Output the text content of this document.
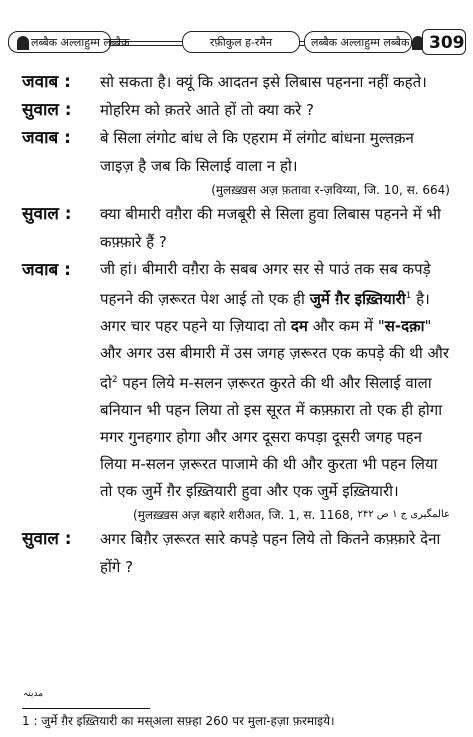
लब्बैक अल्लाहुम्म लब्बैक	रफ़ीकुल ह-रमैन	लब्बैक अल्लाहुम्म लब्बैक	309
जवाब :	सो सकता है। क्यूं कि आदतन इसे लिबास पहनना नहीं कहते।
सुवाल :	मोहरिम को क़तरे आते हों तो क्या करे ?
जवाब :	बे सिला लंगोट बांध ले कि एहराम में लंगोट बांधना मुल्तक़न जाइज़ है जब कि सिलाई वाला न हो।
(मुलख़्ख़स अज़ फ़तावा र-ज़विय्या, जि. 10, स. 664)
सुवाल :	क्या बीमारी वग़ैरा की मजबूरी से सिला हुवा लिबास पहनने में भी कफ़्फ़ारे हैं ?
जवाब :	जी हां। बीमारी वग़ैरा के सबब अगर सर से पाउं तक सब कपड़े पहनने की ज़रूरत पेश आई तो एक ही जुर्मे ग़ैर इख़्तियारी$^1$ है। अगर चार पहर पहने या ज़ियादा तो दम और कम में "स-दक़ा" और अगर उस बीमारी में उस जगह ज़रूरत एक कपड़े की थी और दो$^2$ पहन लिये म-सलन ज़रूरत कुरते की थी और सिलाई वाला बनियान भी पहन लिया तो इस सूरत में कफ़्फ़ारा तो एक ही होगा मगर गुनहगार होगा और अगर दूसरा कपड़ा दूसरी जगह पहन लिया म-सलन ज़रूरत पाजामे की थी और कुरता भी पहन लिया तो एक जुर्मे ग़ैर इख़्तियारी हुवा और एक जुर्मे इख़्तियारी।
(मुलख़्ख़स अज़ बहारे शरीअत, जि. 1, स. 1168, $^{عالمگیری ج ۱ ص ۲۴۲}$
सुवाल :	अगर बिग़ैर ज़रूरत सारे कपड़े पहन लिये तो कितने कफ़्फ़ारे देना होंगे ?
مدینہ
1 : जुर्मे ग़ैर इख़्तियारी का मस्अला सफ़्हा 260 पर मुला-हज़ा फ़रमाइये।
